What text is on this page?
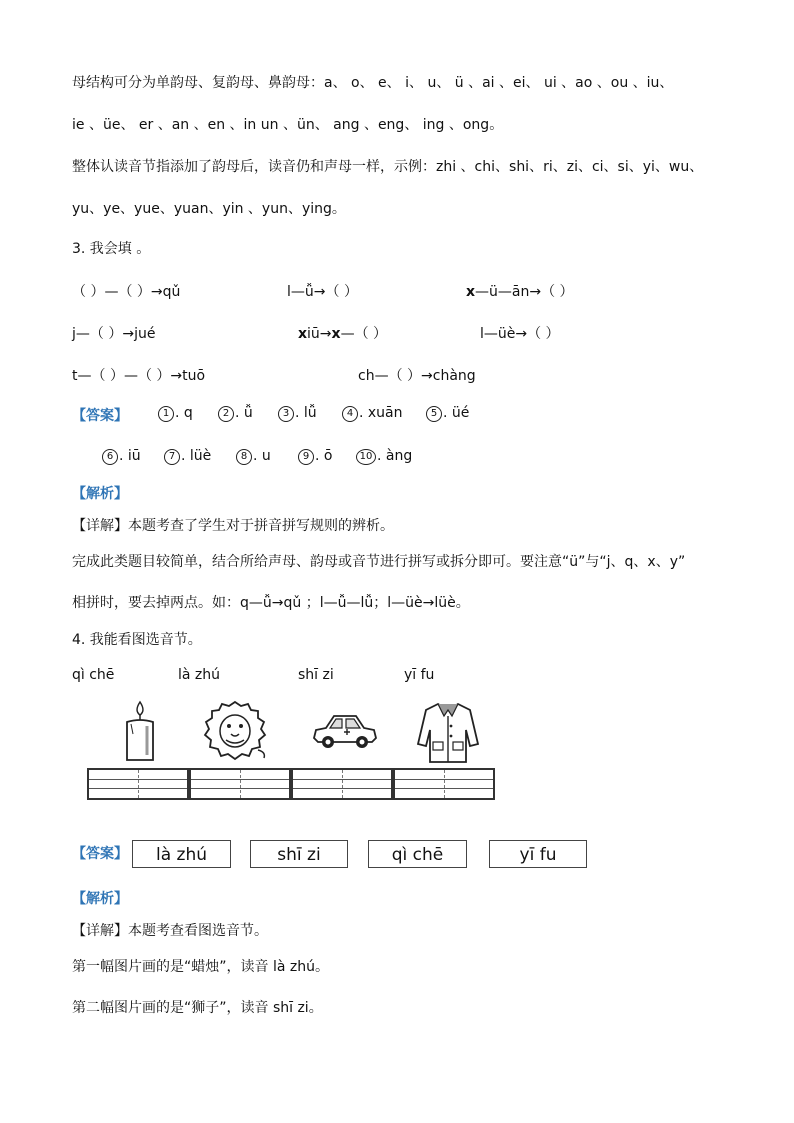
母结构可分为单韵母、复韵母、鼻韵母：a、 o、 e、 i、 u、 ü 、ai 、ei、 ui 、ao 、ou 、iu、
ie 、üe、 er 、an 、en 、in un 、ün、 ang 、eng、 ing 、ong。
整体认读音节指添加了韵母后，读音仍和声母一样，示例：zhi 、chi、shi、ri、zi、ci、si、yi、wu、
yu、ye、yue、yuan、yin 、yun、ying。
3. 我会填 。
（ ）—（ ）→qǔ	l—ǚ→（ ）	x—ü—ān→（ ）
j—（ ）→jué	xiū→x—（ ）	l—üè→（ ）
t—（ ）—（ ）→tuō	ch—（ ）→chàng
【答案】	1 . q	2 . ǚ	3 . lǚ	4 . xuān	5 . üé
6 . iū	7 . lüè	8 . u	9 . ō	10 . àng
【解析】
【详解】本题考查了学生对于拼音拼写规则的辨析。
完成此类题目较简单，结合所给声母、韵母或音节进行拼写或拆分即可。要注意“ü”与“j、q、x、y”
相拼时，要去掉两点。如：q—ǚ→qǔ ；l—ǚ—lǚ；l—üè→lüè。
4. 我能看图选音节。
qì chē	là zhú	shī zi	yī fu
【答案】	là zhú	shī zi	qì chē	yī fu
【解析】
【详解】本题考查看图选音节。
第一幅图片画的是“蜡烛”，读音 là zhú。
第二幅图片画的是“狮子”，读音 shī zi。
